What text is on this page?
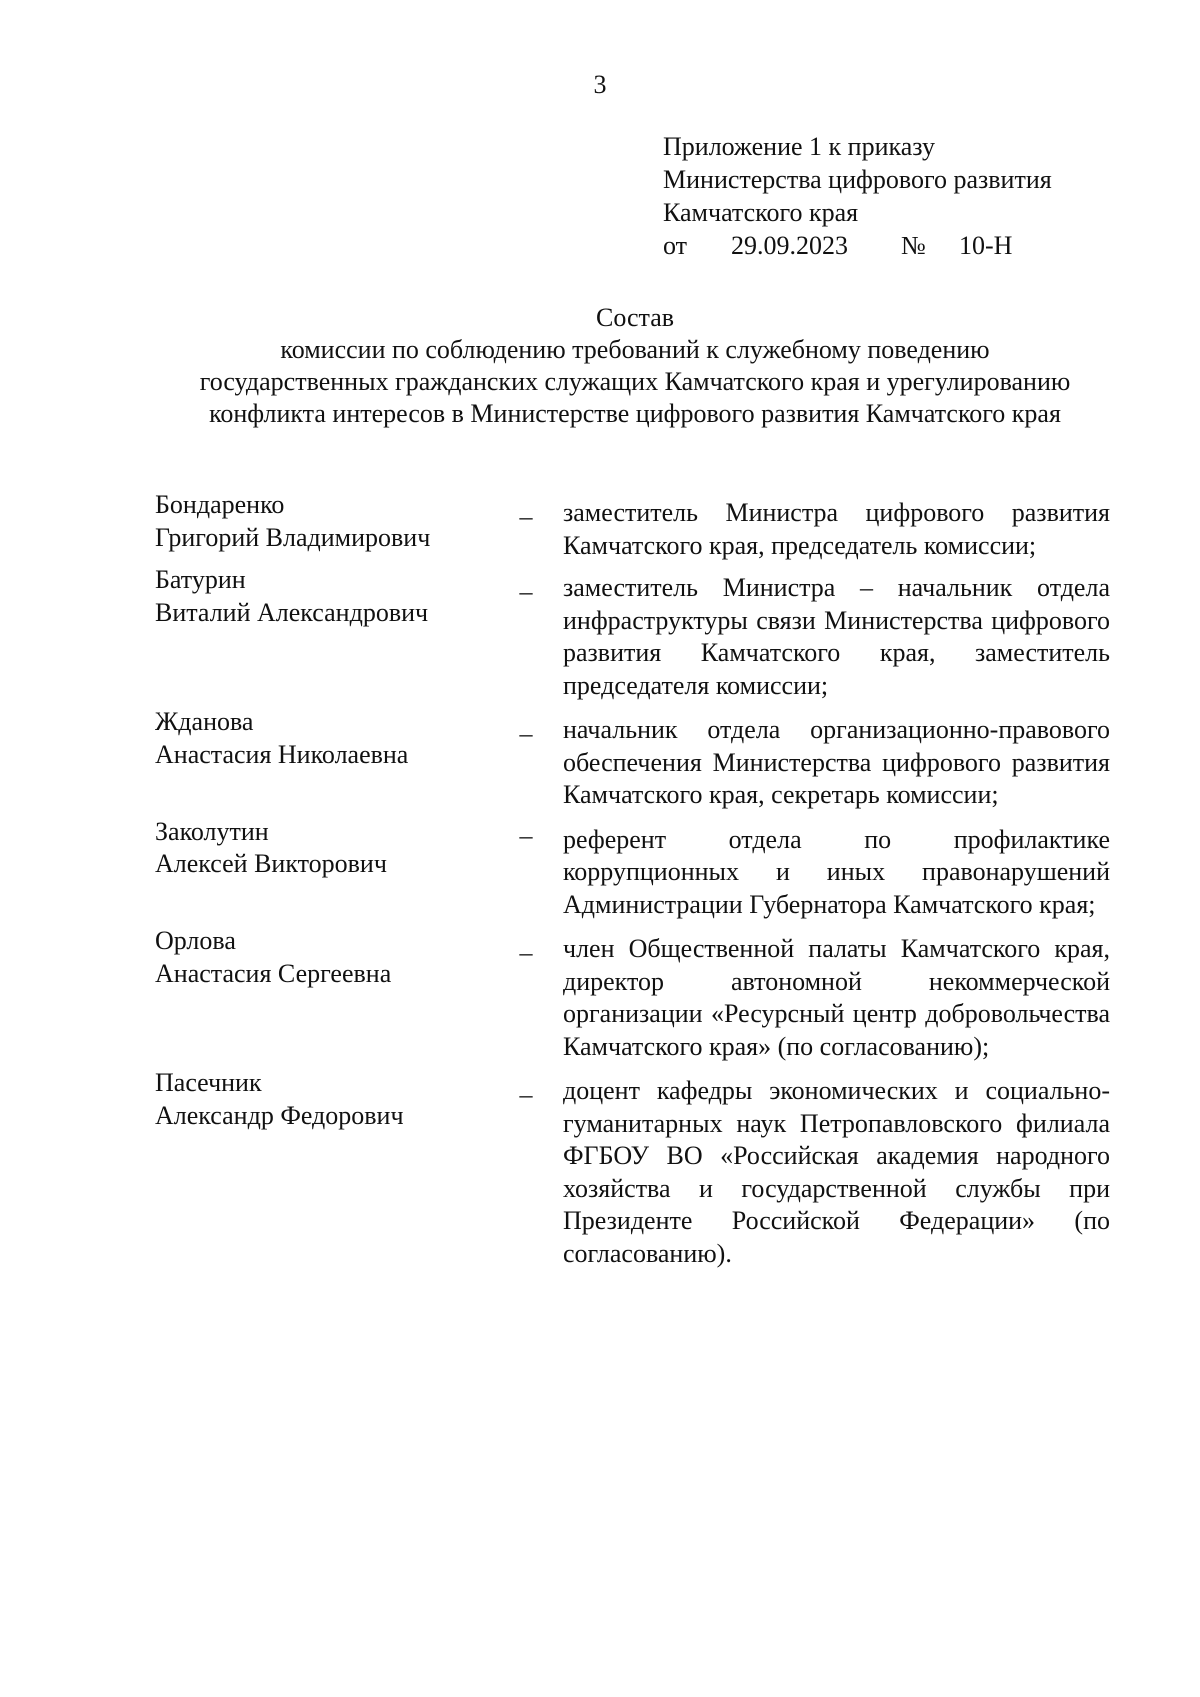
3
Приложение 1 к приказу
Министерства цифрового развития
Камчатского края
от 29.09.2023 № 10-Н
Состав
комиссии по соблюдению требований к служебному поведению
государственных гражданских служащих Камчатского края и урегулированию
конфликта интересов в Министерстве цифрового развития Камчатского края
Бондаренко
Григорий Владимирович
– заместитель Министра цифрового развития Камчатского края, председатель комиссии;
Батурин
Виталий Александрович
– заместитель Министра – начальник отдела инфраструктуры связи Министерства цифрового развития Камчатского края, заместитель председателя комиссии;
Жданова
Анастасия Николаевна
– начальник отдела организационно-правового обеспечения Министерства цифрового развития Камчатского края, секретарь комиссии;
Заколутин
Алексей Викторович
– референт отдела по профилактике коррупционных и иных правонарушений Администрации Губернатора Камчатского края;
Орлова
Анастасия Сергеевна
– член Общественной палаты Камчатского края, директор автономной некоммерческой организации «Ресурсный центр добровольчества Камчатского края» (по согласованию);
Пасечник
Александр Федорович
– доцент кафедры экономических и социально-гуманитарных наук Петропавловского филиала ФГБОУ ВО «Российская академия народного хозяйства и государственной службы при Президенте Российской Федерации» (по согласованию).
